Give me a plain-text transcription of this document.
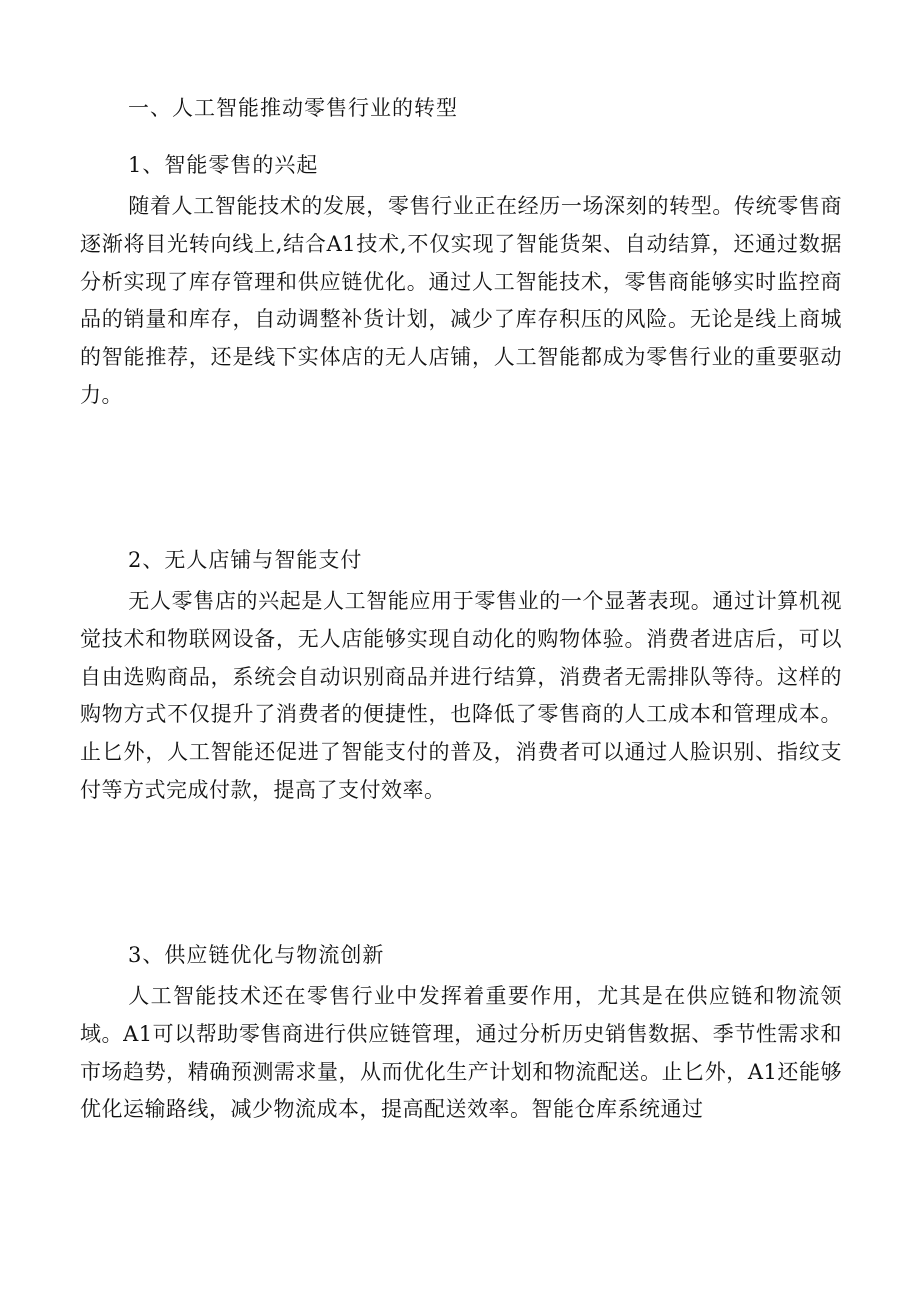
一、人工智能推动零售行业的转型
1、智能零售的兴起

随着人工智能技术的发展，零售行业正在经历一场深刻的转型。传统零售商逐渐将目光转向线上,结合A1技术,不仅实现了智能货架、自动结算，还通过数据分析实现了库存管理和供应链优化。通过人工智能技术，零售商能够实时监控商品的销量和库存，自动调整补货计划，减少了库存积压的风险。无论是线上商城的智能推荐，还是线下实体店的无人店铺，人工智能都成为零售行业的重要驱动力。

2、无人店铺与智能支付

无人零售店的兴起是人工智能应用于零售业的一个显著表现。通过计算机视觉技术和物联网设备，无人店能够实现自动化的购物体验。消费者进店后，可以自由选购商品，系统会自动识别商品并进行结算，消费者无需排队等待。这样的购物方式不仅提升了消费者的便捷性，也降低了零售商的人工成本和管理成本。止匕外，人工智能还促进了智能支付的普及，消费者可以通过人脸识别、指纹支付等方式完成付款，提高了支付效率。

3、供应链优化与物流创新

人工智能技术还在零售行业中发挥着重要作用，尤其是在供应链和物流领域。A1可以帮助零售商进行供应链管理，通过分析历史销售数据、季节性需求和市场趋势，精确预测需求量，从而优化生产计划和物流配送。止匕外，A1还能够优化运输路线，减少物流成本，提高配送效率。智能仓库系统通过
